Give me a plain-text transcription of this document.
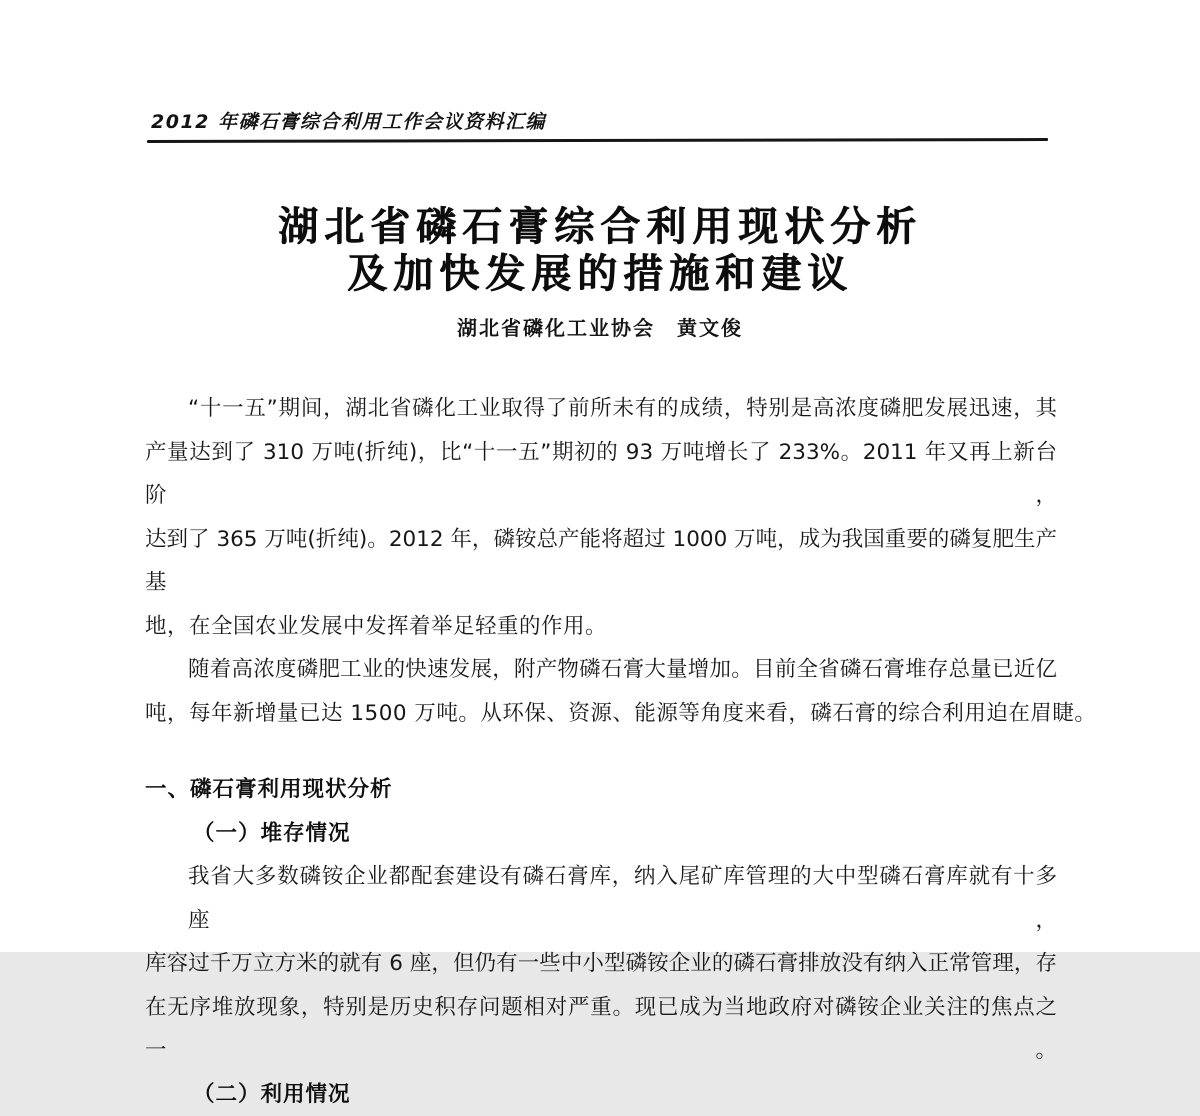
2012 年磷石膏综合利用工作会议资料汇编
湖北省磷石膏综合利用现状分析
及加快发展的措施和建议
湖北省磷化工业协会　黄文俊
“十一五”期间，湖北省磷化工业取得了前所未有的成绩，特别是高浓度磷肥发展迅速，其
产量达到了 310 万吨(折纯)，比“十一五”期初的 93 万吨增长了 233%。2011 年又再上新台阶，
达到了 365 万吨(折纯)。2012 年，磷铵总产能将超过 1000 万吨，成为我国重要的磷复肥生产基
地，在全国农业发展中发挥着举足轻重的作用。
随着高浓度磷肥工业的快速发展，附产物磷石膏大量增加。目前全省磷石膏堆存总量已近亿
吨，每年新增量已达 1500 万吨。从环保、资源、能源等角度来看，磷石膏的综合利用迫在眉睫。
一、磷石膏利用现状分析
（一）堆存情况
我省大多数磷铵企业都配套建设有磷石膏库，纳入尾矿库管理的大中型磷石膏库就有十多座，
库容过千万立方米的就有 6 座，但仍有一些中小型磷铵企业的磷石膏排放没有纳入正常管理，存
在无序堆放现象，特别是历史积存问题相对严重。现已成为当地政府对磷铵企业关注的焦点之一。
（二）利用情况
